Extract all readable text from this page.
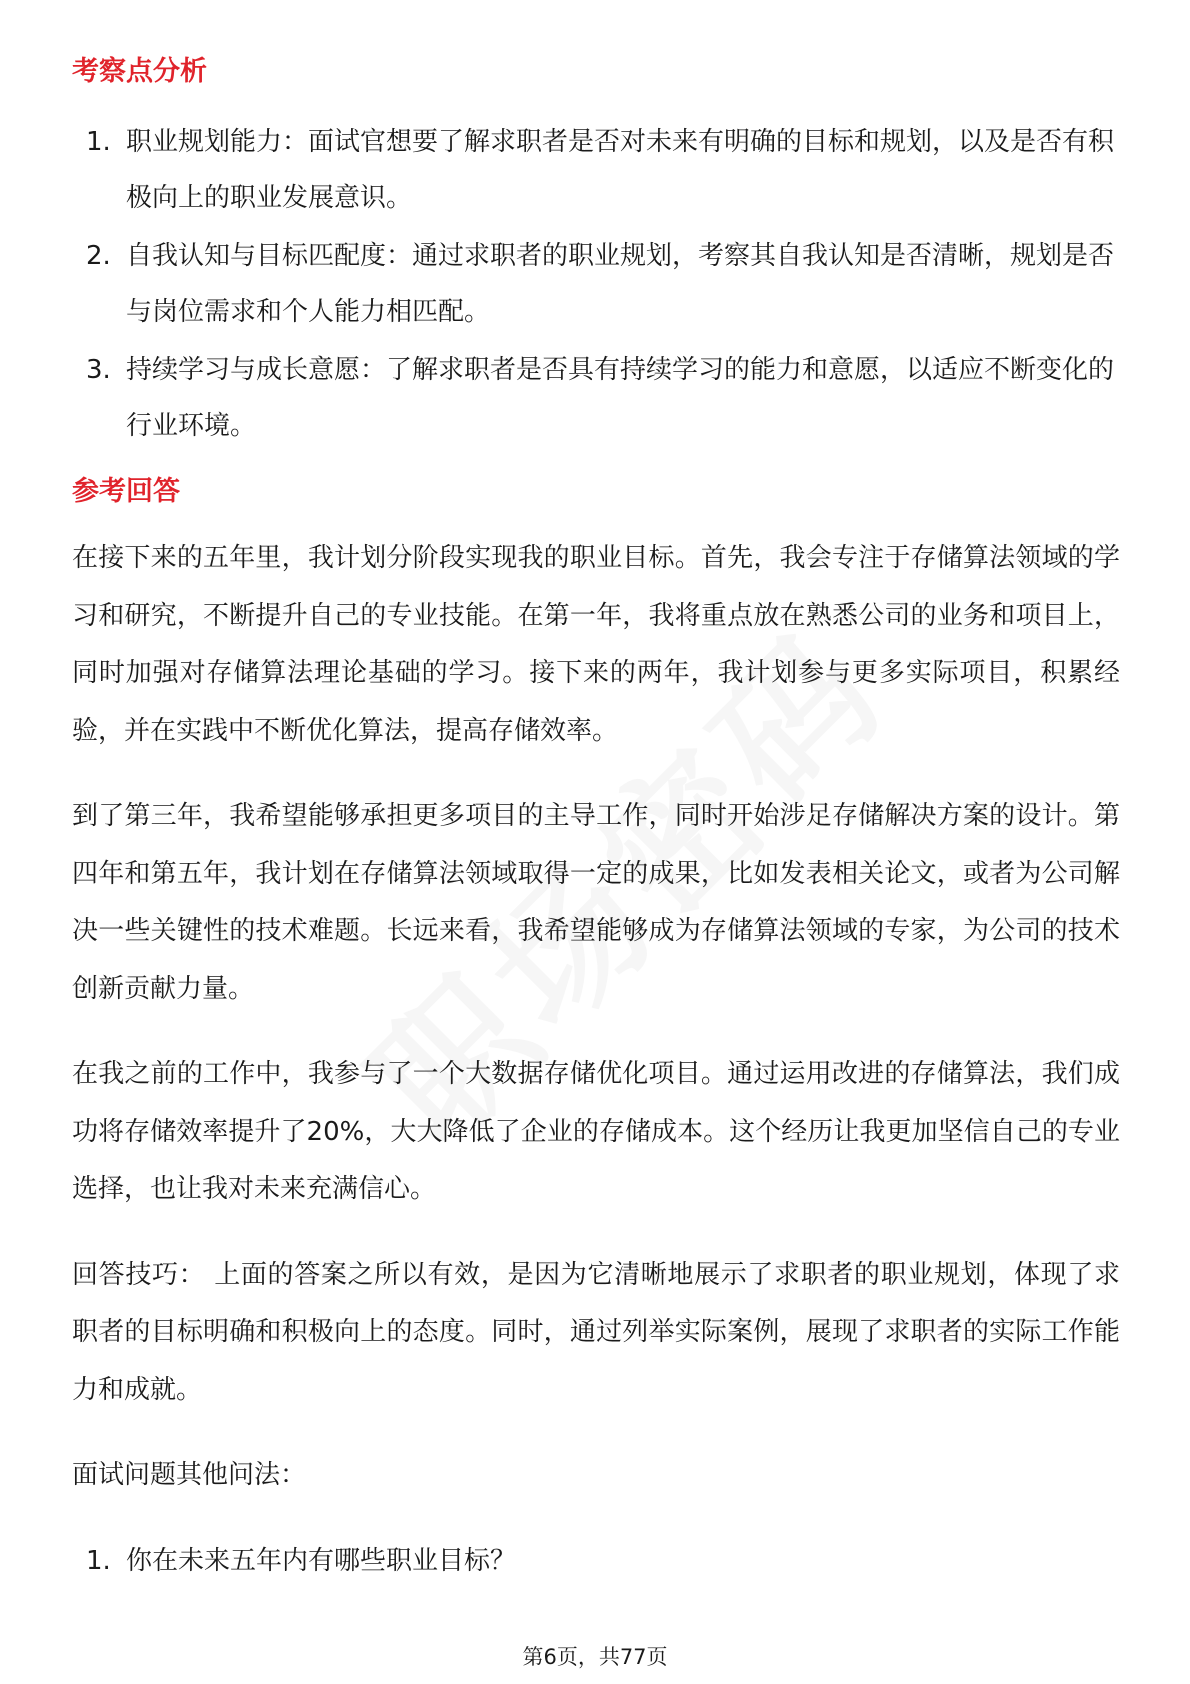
考察点分析
1. 职业规划能力：面试官想要了解求职者是否对未来有明确的目标和规划，以及是否有积极向上的职业发展意识。
2. 自我认知与目标匹配度：通过求职者的职业规划，考察其自我认知是否清晰，规划是否与岗位需求和个人能力相匹配。
3. 持续学习与成长意愿：了解求职者是否具有持续学习的能力和意愿，以适应不断变化的行业环境。
参考回答

在接下来的五年里，我计划分阶段实现我的职业目标。首先，我会专注于存储算法领域的学习和研究，不断提升自己的专业技能。在第一年，我将重点放在熟悉公司的业务和项目上，同时加强对存储算法理论基础的学习。接下来的两年，我计划参与更多实际项目，积累经验，并在实践中不断优化算法，提高存储效率。

到了第三年，我希望能够承担更多项目的主导工作，同时开始涉足存储解决方案的设计。第四年和第五年，我计划在存储算法领域取得一定的成果，比如发表相关论文，或者为公司解决一些关键性的技术难题。长远来看，我希望能够成为存储算法领域的专家，为公司的技术创新贡献力量。

在我之前的工作中，我参与了一个大数据存储优化项目。通过运用改进的存储算法，我们成功将存储效率提升了20%，大大降低了企业的存储成本。这个经历让我更加坚信自己的专业选择，也让我对未来充满信心。

回答技巧： 上面的答案之所以有效，是因为它清晰地展示了求职者的职业规划，体现了求职者的目标明确和积极向上的态度。同时，通过列举实际案例，展现了求职者的实际工作能力和成就。

面试问题其他问法：

1. 你在未来五年内有哪些职业目标？
第6页，共77页
